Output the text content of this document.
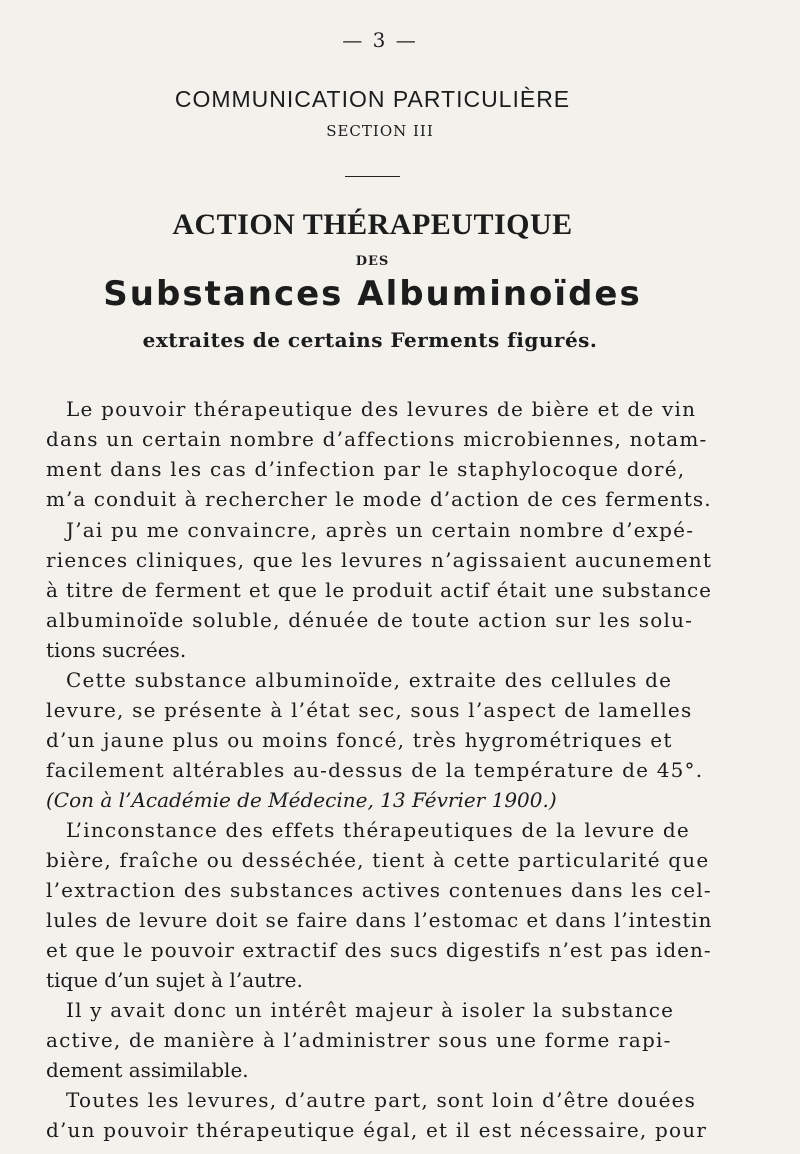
— 3 —
COMMUNICATION PARTICULIÈRE
SECTION III
ACTION THÉRAPEUTIQUE
DES
Substances Albuminoïdes
extraites de certains Ferments figurés.

Le pouvoir thérapeutique des levures de bière et de vin

dans un certain nombre d’affections microbiennes, notam-

ment dans les cas d’infection par le staphylocoque doré,

m’a conduit à rechercher le mode d’action de ces ferments.

J’ai pu me convaincre, après un certain nombre d’expé-

riences cliniques, que les levures n’agissaient aucunement

à titre de ferment et que le produit actif était une substance

albuminoïde soluble, dénuée de toute action sur les solu-

tions sucrées.

Cette substance albuminoïde, extraite des cellules de

levure, se présente à l’état sec, sous l’aspect de lamelles

d’un jaune plus ou moins foncé, très hygrométriques et

facilement altérables au-dessus de la température de 45°.

(Con à l’Académie de Médecine, 13 Février 1900.)

L’inconstance des effets thérapeutiques de la levure de

bière, fraîche ou desséchée, tient à cette particularité que

l’extraction des substances actives contenues dans les cel-

lules de levure doit se faire dans l’estomac et dans l’intestin

et que le pouvoir extractif des sucs digestifs n’est pas iden-

tique d’un sujet à l’autre.

Il y avait donc un intérêt majeur à isoler la substance

active, de manière à l’administrer sous une forme rapi-

dement assimilable.

Toutes les levures, d’autre part, sont loin d’être douées

d’un pouvoir thérapeutique égal, et il est nécessaire, pour
